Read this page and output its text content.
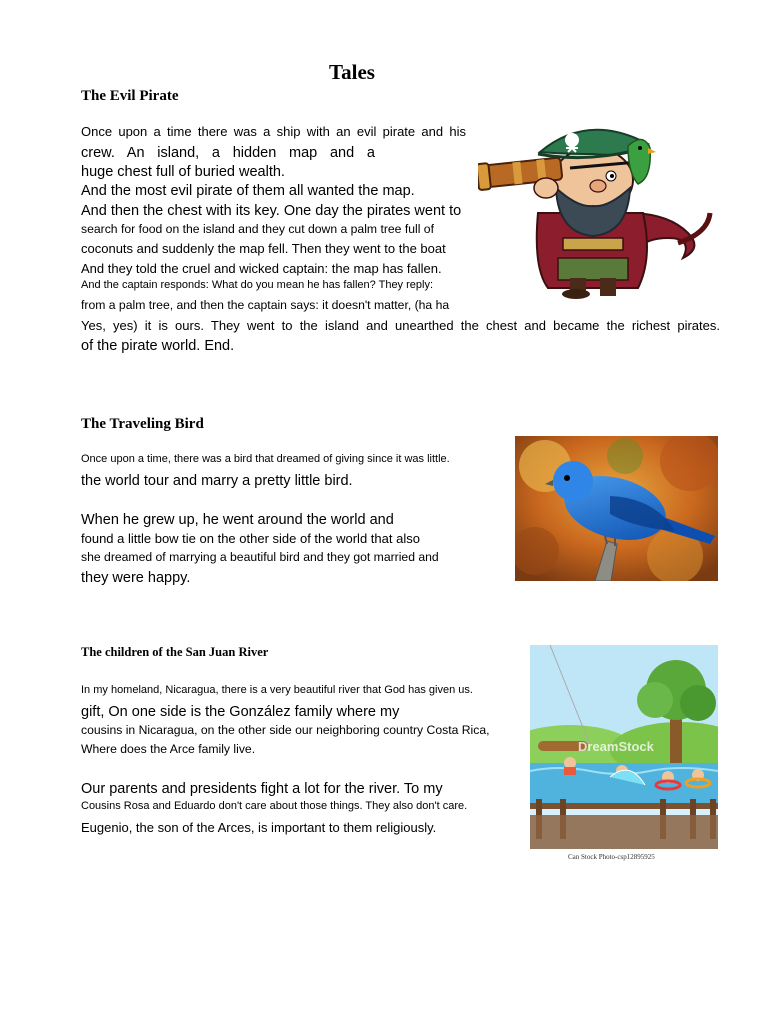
Tales
The Evil Pirate
Once upon a time there was a ship with an evil pirate and his
crew. An island, a hidden map and a
huge chest full of buried wealth.
And the most evil pirate of them all wanted the map.
And then the chest with its key. One day the pirates went to
search for food on the island and they cut down a palm tree full of
coconuts and suddenly the map fell. Then they went to the boat
And they told the cruel and wicked captain: the map has fallen.
And the captain responds: What do you mean he has fallen? They reply:
from a palm tree, and then the captain says: it doesn't matter, (ha ha
Yes, yes) it is ours. They went to the island and unearthed the chest and became the richest pirates.
of the pirate world. End.
The Traveling Bird
Once upon a time, there was a bird that dreamed of giving since it was little.
the world tour and marry a pretty little bird.
When he grew up, he went around the world and
found a little bow tie on the other side of the world that also
she dreamed of marrying a beautiful bird and they got married and
they were happy.
The children of the San Juan River
In my homeland, Nicaragua, there is a very beautiful river that God has given us.
gift, On one side is the González family where my
cousins in Nicaragua, on the other side our neighboring country Costa Rica,
Where does the Arce family live.
Our parents and presidents fight a lot for the river. To my
Cousins Rosa and Eduardo don't care about those things. They also don't care.
Eugenio, the son of the Arces, is important to them religiously.
DreamStock
Can Stock Photo-csp12895925
